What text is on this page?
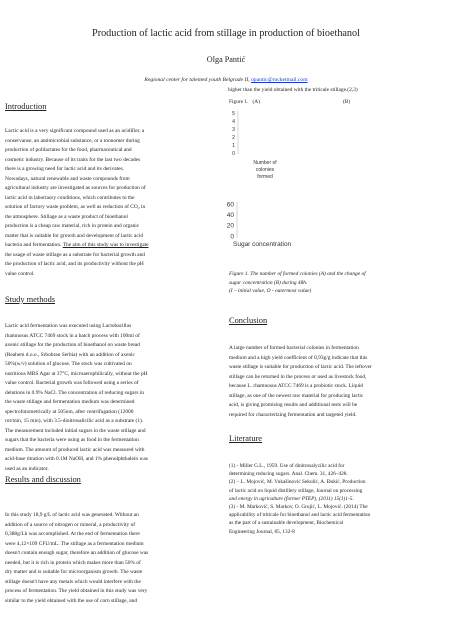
Production of lactic acid from stillage in production of bioethanol
Olga Pantić
Regional center for talented youth Belgrade II, opantic@rocketmail.com
higher than the yield obtained with the triticale stillage.(2,3)
Introduction
Lactic acid is a very significant compound used as an acidifier, a
conservanse, an antimicrobial substance, or a monomer during
production of polilactates for the food, pharmaceutical and
cosmetic industry. Because of its traits for the last two decades
there is a growing need for lactic acid and its derivates.
Nowadays, natural renewable and waste compounds from
agricultural industry are investigated as sources for production of
lactic acid in labortaory conditions, which contributes to the
solution of factory waste problem, as well as reduction of CO₂ in
the atmosphere. Stillage as a waste product of bioethanol
production is a cheap raw material, rich in protein and organic
matter that is suitable for growth and development of lactic acid
bacteria and fermentation. The aim of this study was to investigate
the usage of waste stillage as a substrate for bacterial growth and
the production of lactic acid, and its productivity without the pH
value control.
Study methods
Lactic acid fermentation was executed using Lactobacillus
rhamnosus ATCC 7469 stock in a batch process with 100ml of
axenic stillage for the production of bioethanol on waste bread
(Reahem d.o.o., Srbobran Serbia) with an addition of axenic
50%(w/v) solution of glucose. The stock was cultivated on
nutritious MRS Agar at 37°C, microaerophilically, without the pH
value control. Bacterial growth was followed using a series of
delutions in 0.9% NaCl. The concentration of reducing sugars in
the waste stillage and fermentation medium was determined
spectrofotometrically at 505nm, after centrifugation (12000
rot/min, 15 min), with 3.5-dinitrosalicilic acid as a substrate (1).
The measurement included initial sugars in the waste stillage and
sugars that the bacteria were using as food in the fermentation
medium. The amount of produced lactic acid was measured with
acid-base titration with 0.1M NaOH, and 1% phenolphthalein was
used as an indicator.
Results and discussion
In this study 18,9 g/L of lactic acid was generated. Without an
addition of a source of nitrogen or mineral, a productivity of
0,388g/Lh was accomplished. At the end of fermentation there
were 4,12×109 CFU/mL. The stillage as a fermentation medium
doesn't contain enough sugar, therefore an addition of glucose was
needed, but it is rich in protein which makes more than 50% of
dry matter and is suitable for microorganism growth. The waste
stillage doesn't have any metals which would interfere with the
process of fermentation. The yield obtained in this study was very
similar to the yield obtained with the use of corn stillage, and
Figure 1. (A)	(B)
0
1
2
3
4
5
Number of
colonies
formed
0
20
40
60
Sugar concentration
Figure 1. The number of formed colonies (A) and the change of
sugar concentration (B) during 48h.
(I – initial value, O - outermost value)
Conclusion
A large number of formed bacterial colonies in fermentation
medium and a high yield coefficient of 0,93g/g indicate that this
waste stillage is suitable for production of lactic acid. The leftover
stillage can be returned in the process or used as livestock food,
because L. rhamnosus ATCC 7469 is a probiotic stock. Liquid
stillage, as one of the newest raw material for producing lactic
acid, is giving promising results and additional tests will be
required for characterizing fermentation and targeted yield.
Literature
(1) - Miller G.L., 1959. Use of dinitrosalycilic acid for
determining reducing sugars. Anal. Chem. 31, 426–428.
(2) – L. Mojović, M. Vukašinović Sekulić, A. Đukić, Production
of lactic acid on liquid distillery stillage, Journal on processing
and energy in agriculture (former PTEP), (2011) 15(1)1-5.
(3) - M. Marković, S. Markov, O. Grujić, L. Mojović. (2014) The
applicability of triticale for bioethanol and lactic acid fermentation
as the part of a sustainable development, Biochemical
Engineering Journal, 85, 132-8
